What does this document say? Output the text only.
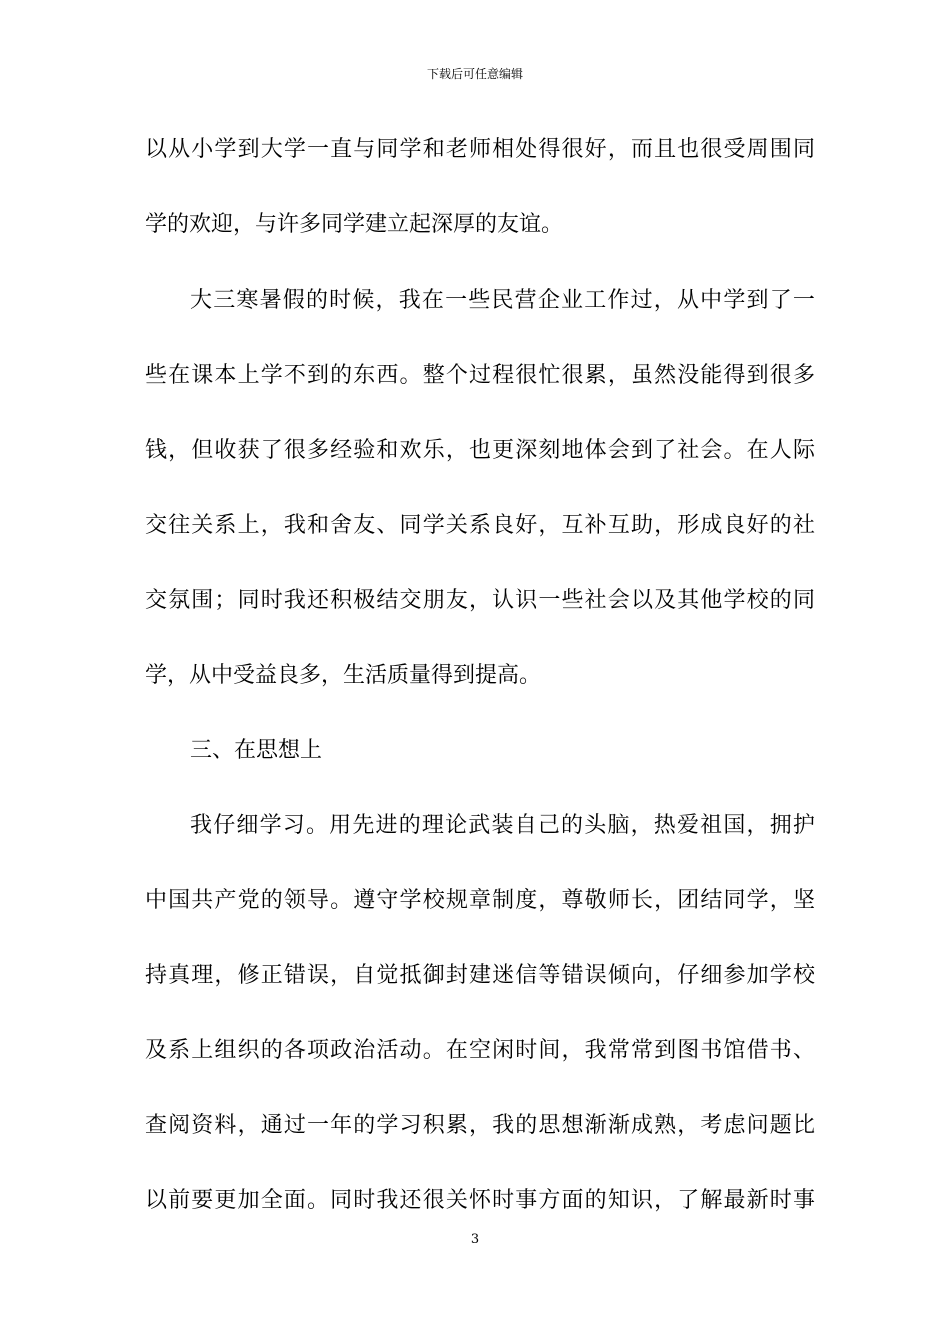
下载后可任意编辑
以 从 小 学 到 大 学 一 直 与 同 学 和 老 师 相 处 得 很 好 ， 而 且 也 很 受 周 围 同
学的欢迎，与许多同学建立起深厚的友谊。
大 三 寒 暑 假 的 时 候 ， 我 在 一 些 民 营 企 业 工 作 过 ， 从 中 学 到 了 一
些 在 课 本 上 学 不 到 的 东 西 。 整 个 过 程 很 忙 很 累 ， 虽 然 没 能 得 到 很 多
钱 ， 但 收 获 了 很 多 经 验 和 欢 乐 ， 也 更 深 刻 地 体 会 到 了 社 会 。 在 人 际
交 往 关 系 上 ， 我 和 舍 友 、 同 学 关 系 良 好 ， 互 补 互 助 ， 形 成 良 好 的 社
交 氛 围 ； 同 时 我 还 积 极 结 交 朋 友 ， 认 识 一 些 社 会 以 及 其 他 学 校 的 同
学，从中受益良多，生活质量得到提高。
三、在思想上
我 仔 细 学 习 。 用 先 进 的 理 论 武 装 自 己 的 头 脑 ， 热 爱 祖 国 ， 拥 护
中 国 共 产 党 的 领 导 。 遵 守 学 校 规 章 制 度 ， 尊 敬 师 长 ， 团 结 同 学 ， 坚
持 真 理 ， 修 正 错 误 ， 自 觉 抵 御 封 建 迷 信 等 错 误 倾 向 ， 仔 细 参 加 学 校
及 系 上 组 织 的 各 项 政 治 活 动 。 在 空 闲 时 间 ， 我 常 常 到 图 书 馆 借 书 、
查 阅 资 料 ， 通 过 一 年 的 学 习 积 累 ， 我 的 思 想 渐 渐 成 熟 ， 考 虑 问 题 比
以 前 要 更 加 全 面 。 同 时 我 还 很 关 怀 时 事 方 面 的 知 识 ， 了 解 最 新 时 事
3
